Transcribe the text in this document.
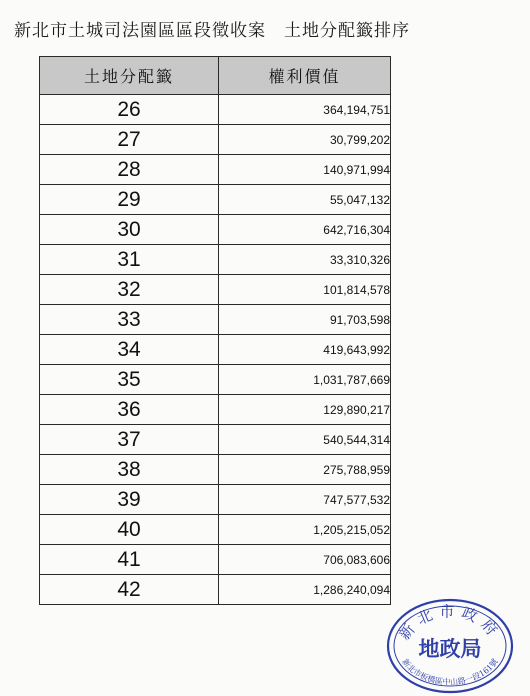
新北市土城司法園區區段徵收案　土地分配籤排序
土地分配籤	權利價值
26	364,194,751
27	30,799,202
28	140,971,994
29	55,047,132
30	642,716,304
31	33,310,326
32	101,814,578
33	91,703,598
34	419,643,992
35	1,031,787,669
36	129,890,217
37	540,544,314
38	275,788,959
39	747,577,532
40	1,205,215,052
41	706,083,606
42	1,286,240,094
新北市政府
地政局
新北市板橋區中山路一段161號
